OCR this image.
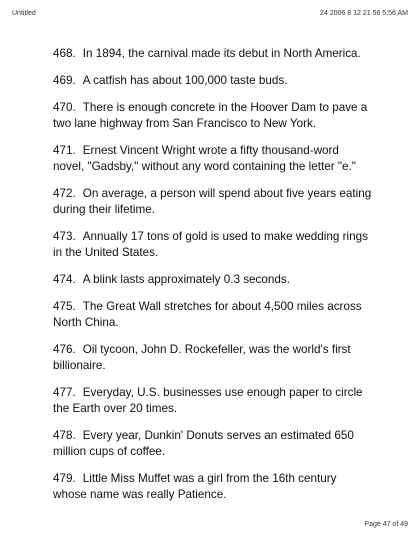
Untitled	24 2006 8 12 21 56 5:56 AM
468. In 1894, the carnival made its debut in North America.
469. A catfish has about 100,000 taste buds.
470. There is enough concrete in the Hoover Dam to pave a two lane highway from San Francisco to New York.
471. Ernest Vincent Wright wrote a fifty thousand-word novel, "Gadsby," without any word containing the letter "e."
472. On average, a person will spend about five years eating during their lifetime.
473. Annually 17 tons of gold is used to make wedding rings in the United States.
474. A blink lasts approximately 0.3 seconds.
475. The Great Wall stretches for about 4,500 miles across North China.
476. Oil tycoon, John D. Rockefeller, was the world's first billionaire.
477. Everyday, U.S. businesses use enough paper to circle the Earth over 20 times.
478. Every year, Dunkin' Donuts serves an estimated 650 million cups of coffee.
479. Little Miss Muffet was a girl from the 16th century whose name was really Patience.
Page 47 of 49
